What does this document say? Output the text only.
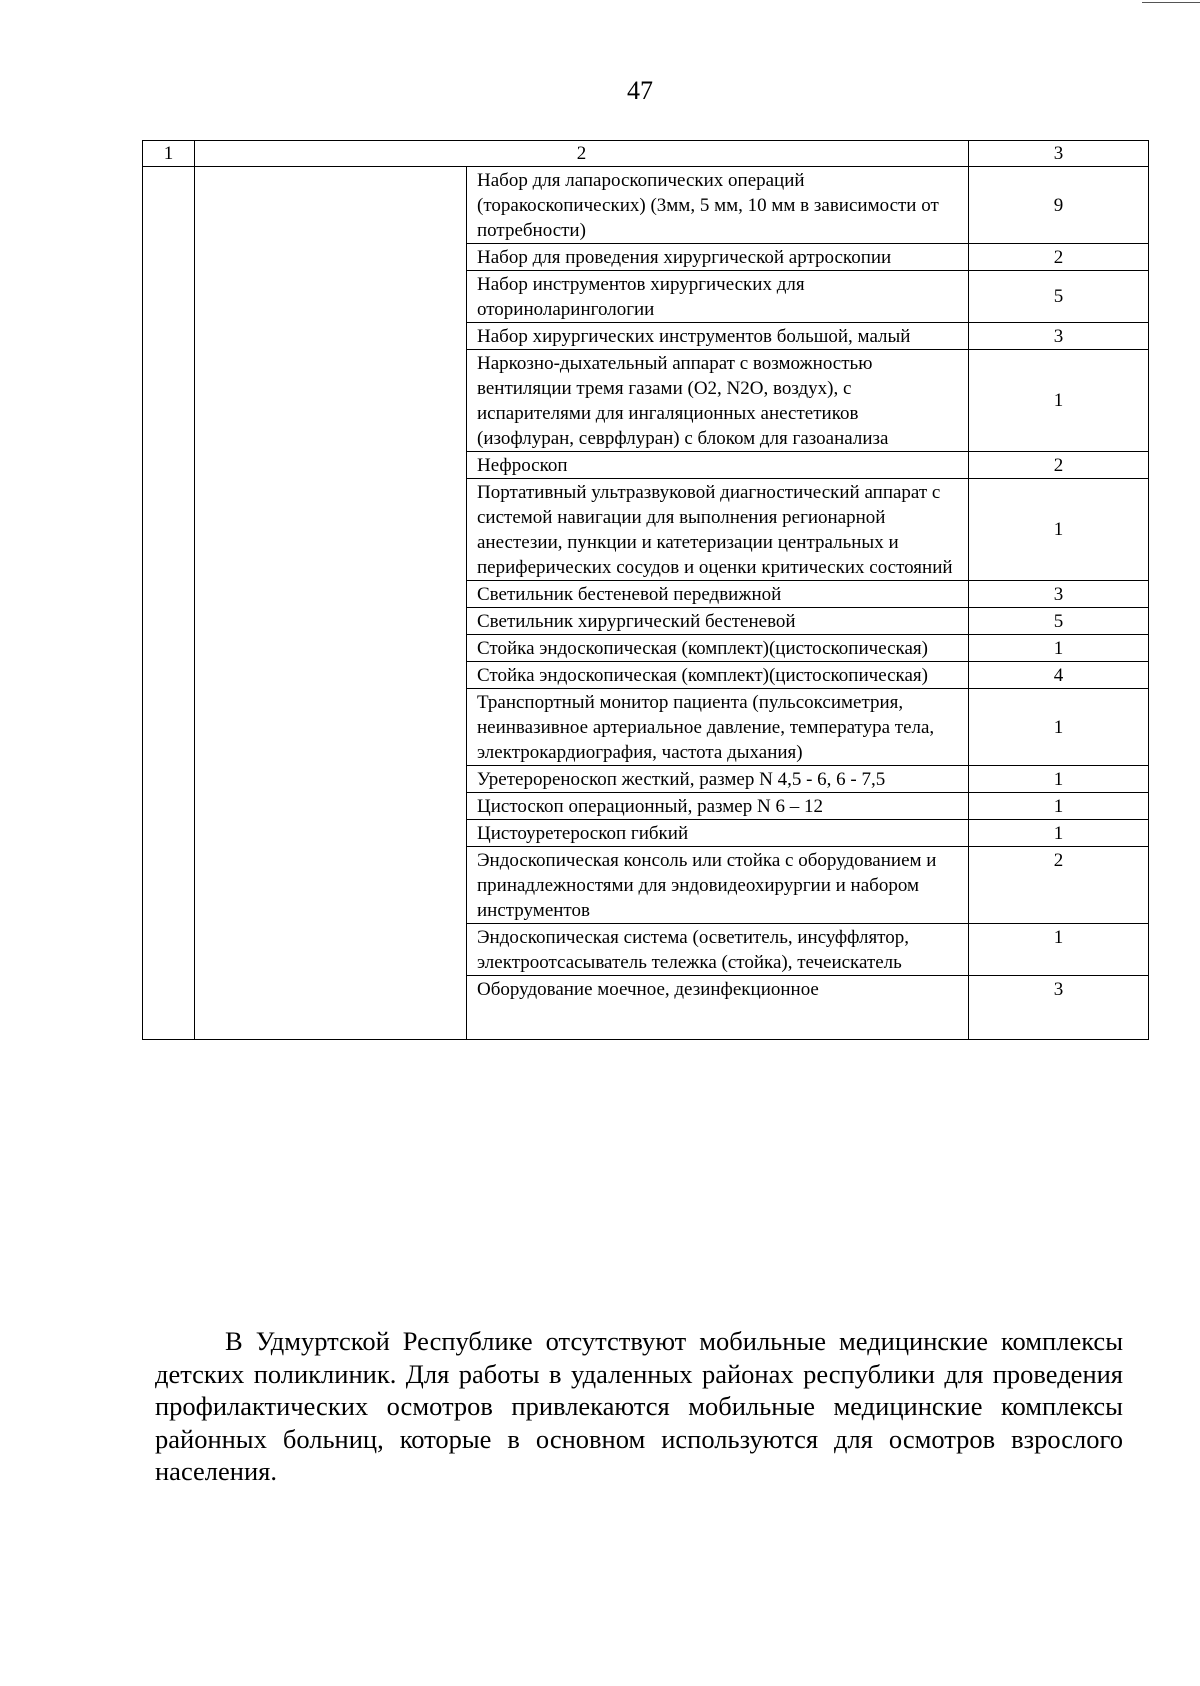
47
1	2		3
		Набор для лапароскопических операций (торакоскопических) (3мм, 5 мм, 10 мм в зависимости от потребности)	9
		Набор для проведения хирургической артроскопии	2
		Набор инструментов хирургических для оториноларингологии	5
		Набор хирургических инструментов большой, малый	3
		Наркозно-дыхательный аппарат с возможностью вентиляции тремя газами (О2, N2O, воздух), с испарителями для ингаляционных анестетиков (изофлуран, севрфлуран) с блоком для газоанализа	1
		Нефроскоп	2
		Портативный ультразвуковой диагностический аппарат с системой навигации для выполнения регионарной анестезии, пункции и катетеризации центральных и периферических сосудов и оценки критических состояний	1
		Светильник бестеневой передвижной	3
		Светильник хирургический бестеневой	5
		Стойка эндоскопическая (комплект)(цистоскопическая)	1
		Стойка эндоскопическая (комплект)(цистоскопическая)	4
		Транспортный монитор пациента (пульсоксиметрия, неинвазивное артериальное давление, температура тела, электрокардиография, частота дыхания)	1
		Уретерореноскоп жесткий, размер N 4,5 - 6, 6 - 7,5	1
		Цистоскоп операционный, размер N 6 – 12	1
		Цистоуретероскоп гибкий	1
		Эндоскопическая консоль или стойка с оборудованием и принадлежностями для эндовидеохирургии и набором инструментов	2
		Эндоскопическая система (осветитель, инсуффлятор, электроотсасыватель тележка (стойка), течеискатель	1
		Оборудование моечное, дезинфекционное	3

В Удмуртской Республике отсутствуют мобильные медицинские комплексы детских поликлиник. Для работы в удаленных районах республики для проведения профилактических осмотров привлекаются мобильные медицинские комплексы районных больниц, которые в основном используются для осмотров взрослого населения.
